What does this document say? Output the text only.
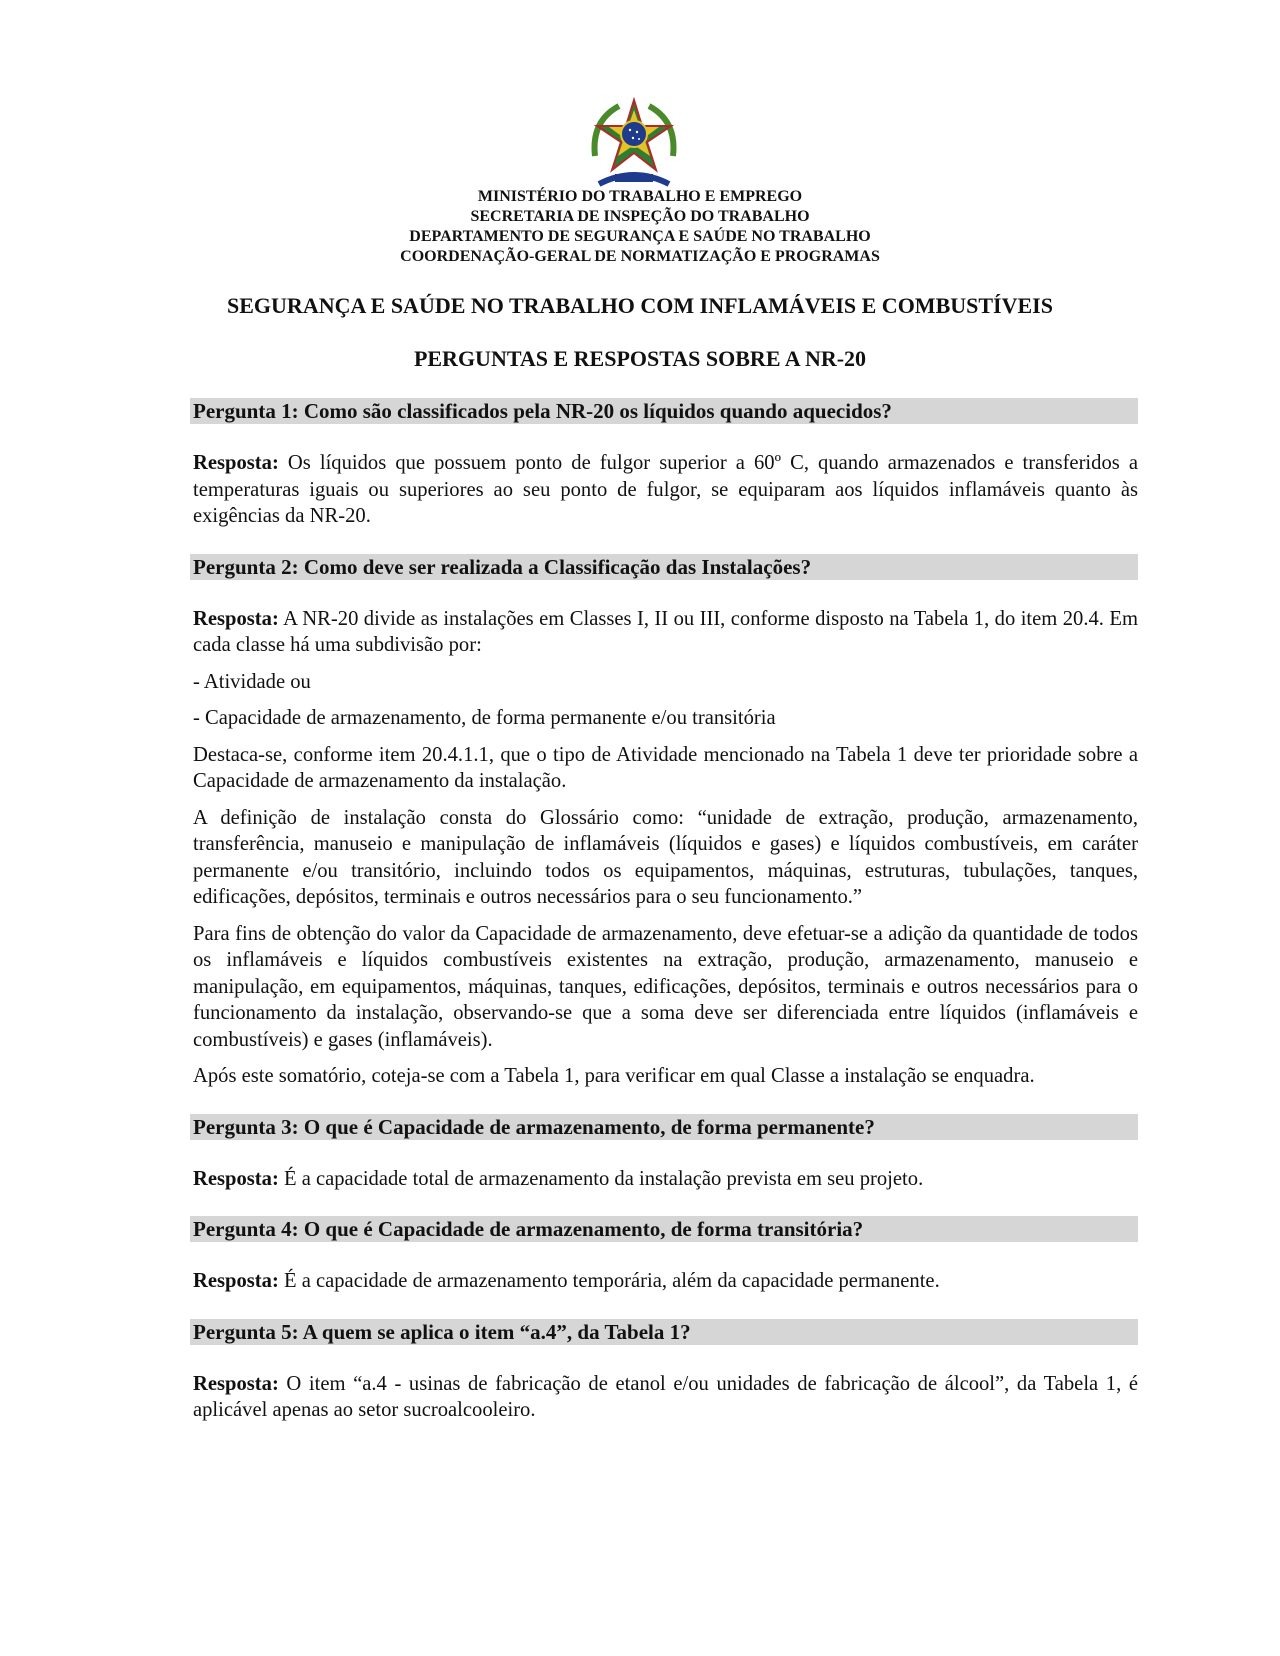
MINISTÉRIO DO TRABALHO E EMPREGO
SECRETARIA DE INSPEÇÃO DO TRABALHO
DEPARTAMENTO DE SEGURANÇA E SAÚDE NO TRABALHO
COORDENAÇÃO-GERAL DE NORMATIZAÇÃO E PROGRAMAS
SEGURANÇA E SAÚDE NO TRABALHO COM INFLAMÁVEIS E COMBUSTÍVEIS
PERGUNTAS E RESPOSTAS SOBRE A NR-20
Pergunta 1: Como são classificados pela NR-20 os líquidos quando aquecidos?
Resposta: Os líquidos que possuem ponto de fulgor superior a 60º C, quando armazenados e transferidos a temperaturas iguais ou superiores ao seu ponto de fulgor, se equiparam aos líquidos inflamáveis quanto às exigências da NR-20.
Pergunta 2: Como deve ser realizada a Classificação das Instalações?
Resposta: A NR-20 divide as instalações em Classes I, II ou III, conforme disposto na Tabela 1, do item 20.4. Em cada classe há uma subdivisão por:
- Atividade ou
- Capacidade de armazenamento, de forma permanente e/ou transitória
Destaca-se, conforme item 20.4.1.1, que o tipo de Atividade mencionado na Tabela 1 deve ter prioridade sobre a Capacidade de armazenamento da instalação.
A definição de instalação consta do Glossário como: “unidade de extração, produção, armazenamento, transferência, manuseio e manipulação de inflamáveis (líquidos e gases) e líquidos combustíveis, em caráter permanente e/ou transitório, incluindo todos os equipamentos, máquinas, estruturas, tubulações, tanques, edificações, depósitos, terminais e outros necessários para o seu funcionamento.”
Para fins de obtenção do valor da Capacidade de armazenamento, deve efetuar-se a adição da quantidade de todos os inflamáveis e líquidos combustíveis existentes na extração, produção, armazenamento, manuseio e manipulação, em equipamentos, máquinas, tanques, edificações, depósitos, terminais e outros necessários para o funcionamento da instalação, observando-se que a soma deve ser diferenciada entre líquidos (inflamáveis e combustíveis) e gases (inflamáveis).
Após este somatório, coteja-se com a Tabela 1, para verificar em qual Classe a instalação se enquadra.
Pergunta 3: O que é Capacidade de armazenamento, de forma permanente?
Resposta: É a capacidade total de armazenamento da instalação prevista em seu projeto.
Pergunta 4: O que é Capacidade de armazenamento, de forma transitória?
Resposta: É a capacidade de armazenamento temporária, além da capacidade permanente.
Pergunta 5: A quem se aplica o item “a.4”, da Tabela 1?
Resposta: O item “a.4 - usinas de fabricação de etanol e/ou unidades de fabricação de álcool”, da Tabela 1, é aplicável apenas ao setor sucroalcooleiro.
